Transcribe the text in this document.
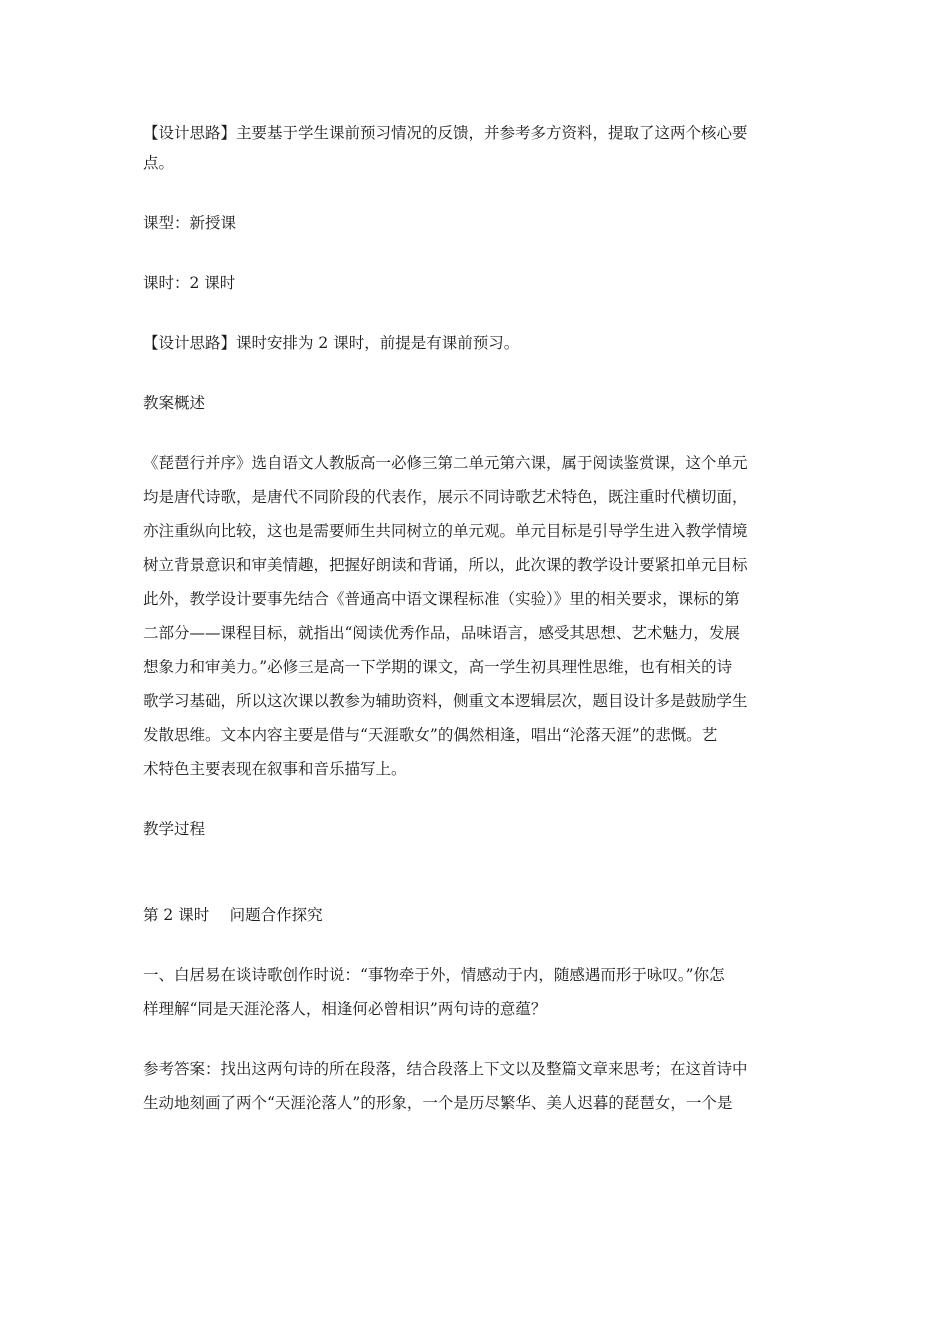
【设计思路】主要基于学生课前预习情况的反馈，并参考多方资料，提取了这两个核心要
点。
课型：新授课
课时：2 课时
【设计思路】课时安排为 2 课时，前提是有课前预习。
教案概述
《琵琶行并序》选自语文人教版高一必修三第二单元第六课，属于阅读鉴赏课，这个单元
均是唐代诗歌，是唐代不同阶段的代表作，展示不同诗歌艺术特色，既注重时代横切面，
亦注重纵向比较，这也是需要师生共同树立的单元观。单元目标是引导学生进入教学情境
树立背景意识和审美情趣，把握好朗读和背诵，所以，此次课的教学设计要紧扣单元目标
此外，教学设计要事先结合《普通高中语文课程标准（实验）》里的相关要求，课标的第
二部分——课程目标，就指出“阅读优秀作品，品味语言，感受其思想、艺术魅力，发展
想象力和审美力。”必修三是高一下学期的课文，高一学生初具理性思维，也有相关的诗
歌学习基础，所以这次课以教参为辅助资料，侧重文本逻辑层次，题目设计多是鼓励学生
发散思维。文本内容主要是借与“天涯歌女”的偶然相逢，唱出“沦落天涯”的悲慨。艺
术特色主要表现在叙事和音乐描写上。
教学过程
第 2 课时　 问题合作探究
一、白居易在谈诗歌创作时说：“事物牵于外，情感动于内，随感遇而形于咏叹。”你怎
样理解“同是天涯沦落人，相逢何必曾相识”两句诗的意蕴？
参考答案：找出这两句诗的所在段落，结合段落上下文以及整篇文章来思考；在这首诗中
生动地刻画了两个“天涯沦落人”的形象，一个是历尽繁华、美人迟暮的琵琶女，一个是
